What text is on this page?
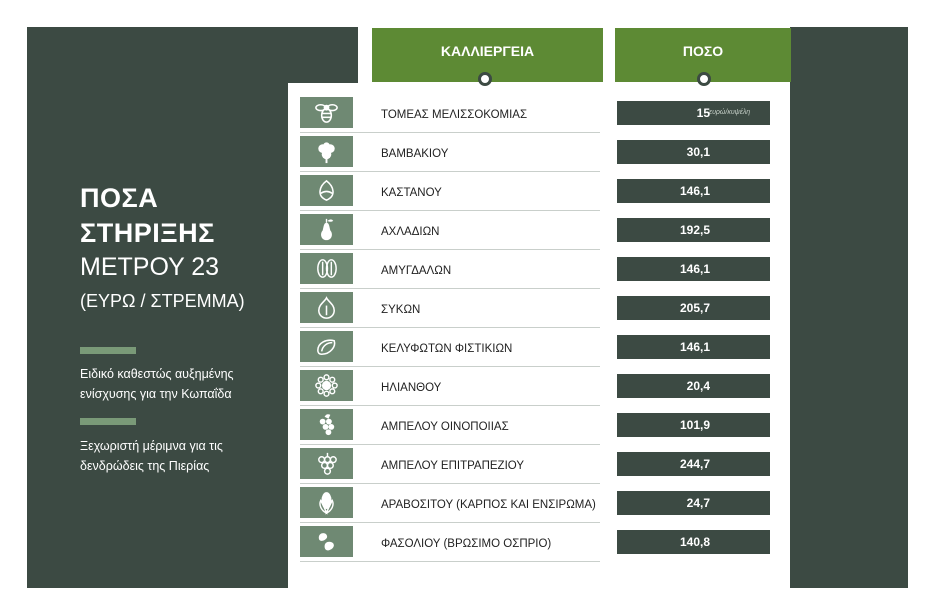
ΠΟΣΑ
ΣΤΗΡΙΞΗΣ
ΜΕΤΡΟΥ 23
(ΕΥΡΩ / ΣΤΡΕΜΜΑ)
Ειδικό καθεστώς αυξημένης ενίσχυσης για την Κωπαΐδα
Ξεχωριστή μέριμνα για τις δενδρώδεις της Πιερίας
ΚΑΛΛΙΕΡΓΕΙΑ	ΠΟΣΟ
ΤΟΜΕΑΣ ΜΕΛΙΣΣΟΚΟΜΙΑΣ	15 ευρώ/κυψέλη
ΒΑΜΒΑΚΙΟΥ	30,1
ΚΑΣΤΑΝΟΥ	146,1
ΑΧΛΑΔΙΩΝ	192,5
ΑΜΥΓΔΑΛΩΝ	146,1
ΣΥΚΩΝ	205,7
ΚΕΛΥΦΩΤΩΝ ΦΙΣΤΙΚΙΩΝ	146,1
ΗΛΙΑΝΘΟΥ	20,4
ΑΜΠΕΛΟΥ ΟΙΝΟΠΟΙΙΑΣ	101,9
ΑΜΠΕΛΟΥ ΕΠΙΤΡΑΠΕΖΙΟΥ	244,7
ΑΡΑΒΟΣΙΤΟΥ (ΚΑΡΠΟΣ ΚΑΙ ΕΝΣΙΡΩΜΑ)	24,7
ΦΑΣΟΛΙΟΥ (ΒΡΩΣΙΜΟ ΟΣΠΡΙΟ)	140,8
